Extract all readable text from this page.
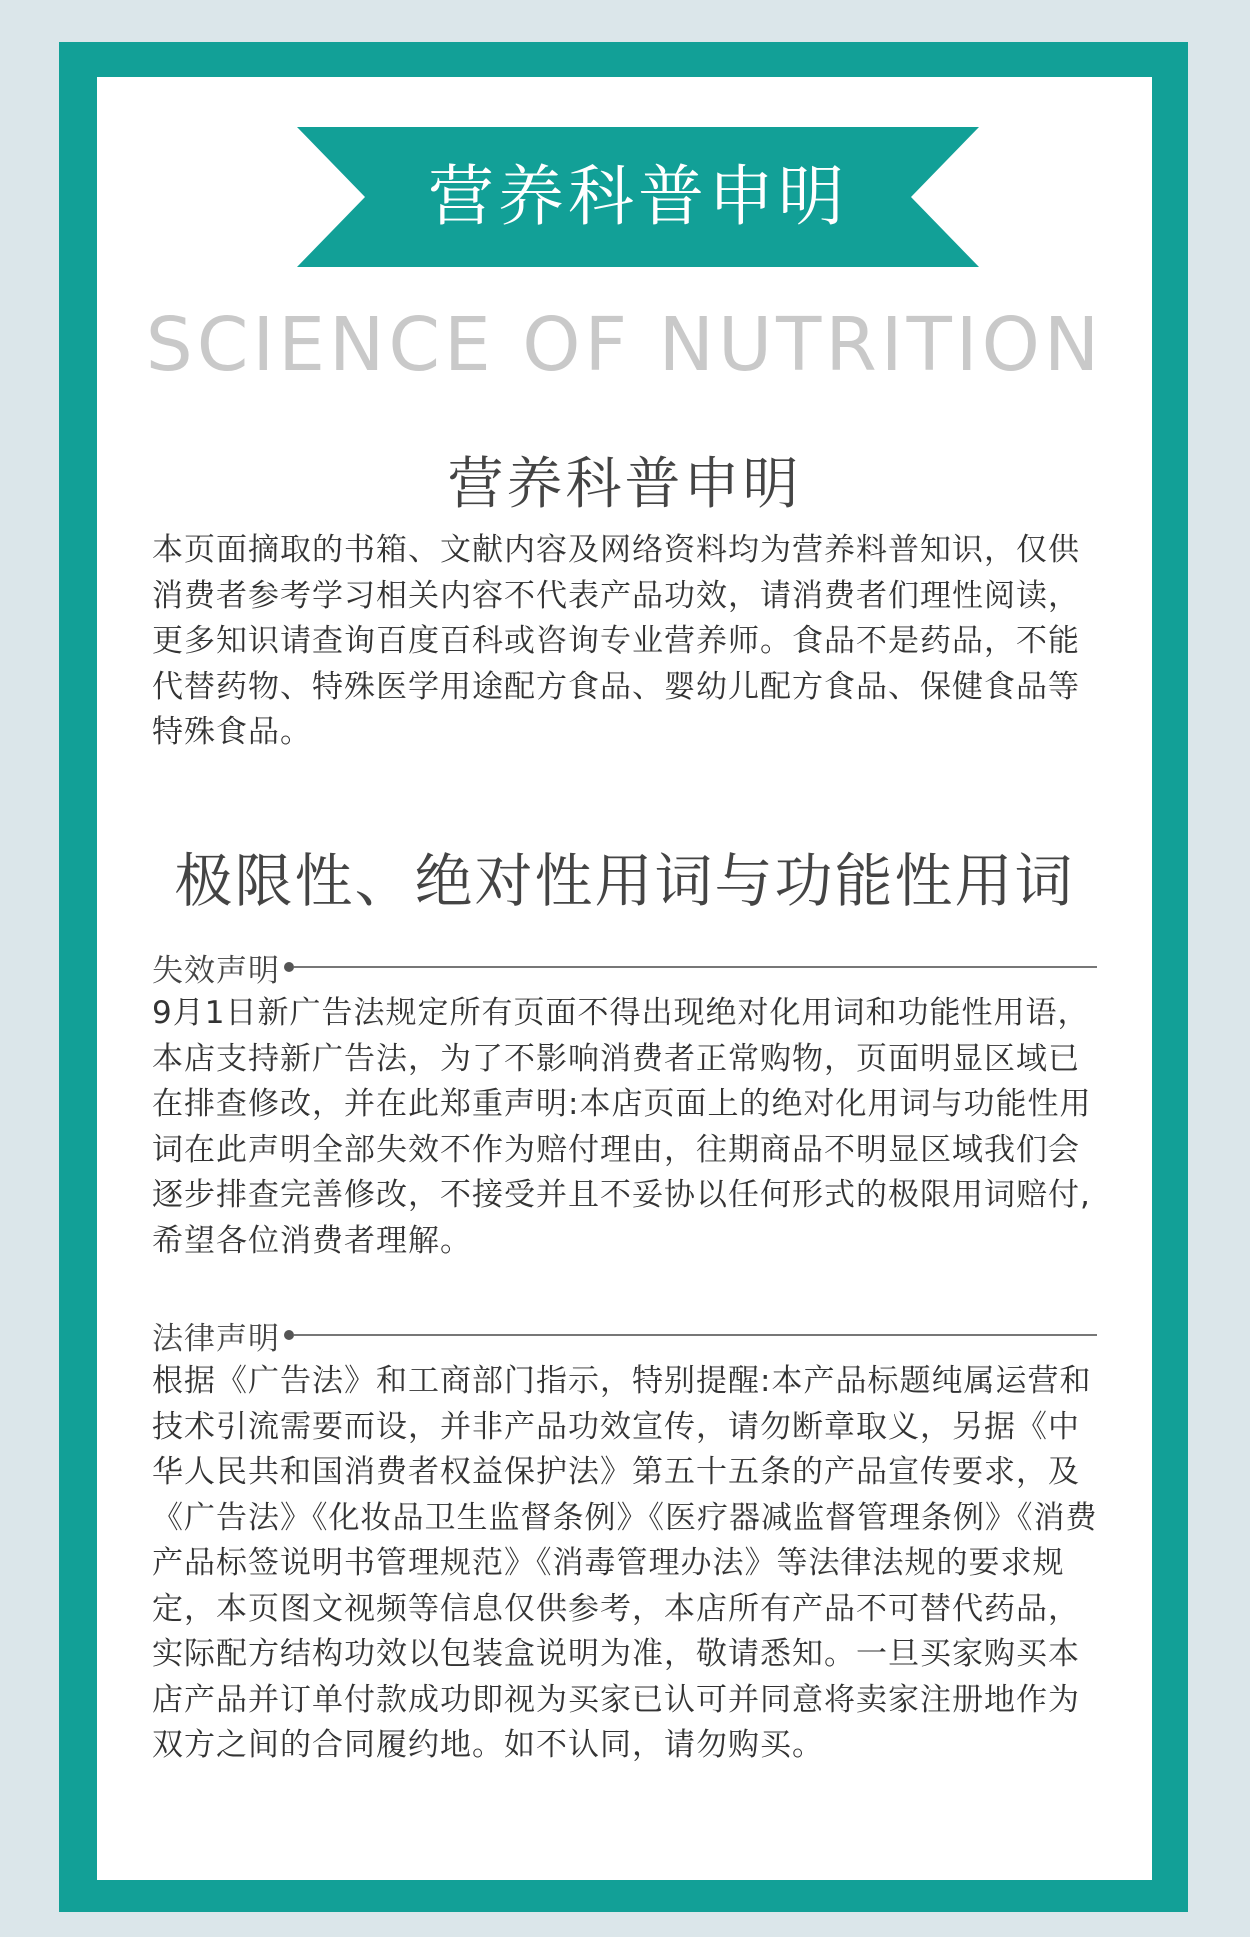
营养科普申明
SCIENCE OF NUTRITION
营养科普申明

本页面摘取的书箱、文献内容及网络资料均为营养料普知识，仅供消费者参考学习相关内容不代表产品功效，请消费者们理性阅读，更多知识请查询百度百科或咨询专业营养师。食品不是药品，不能代替药物、特殊医学用途配方食品、婴幼儿配方食品、保健食品等特殊食品。

极限性、绝对性用词与功能性用词
失效声明

9月1日新广告法规定所有页面不得出现绝对化用词和功能性用语，本店支持新广告法，为了不影响消费者正常购物，页面明显区域已在排查修改，并在此郑重声明:本店页面上的绝对化用词与功能性用词在此声明全部失效不作为赔付理由，往期商品不明显区域我们会逐步排查完善修改，不接受并且不妥协以任何形式的极限用词赔付,希望各位消费者理解。

法律声明

根据《广告法》和工商部门指示，特别提醒:本产品标题纯属运营和技术引流需要而设，并非产品功效宣传，请勿断章取义，另据《中华人民共和国消费者权益保护法》第五十五条的产品宣传要求，及《广告法》《化妆品卫生监督条例》《医疗器减监督管理条例》《消费产品标签说明书管理规范》《消毒管理办法》等法律法规的要求规定，本页图文视频等信息仅供参考，本店所有产品不可替代药品，实际配方结构功效以包装盒说明为准，敬请悉知。一旦买家购买本店产品并订单付款成功即视为买家已认可并同意将卖家注册地作为双方之间的合同履约地。如不认同，请勿购买。
